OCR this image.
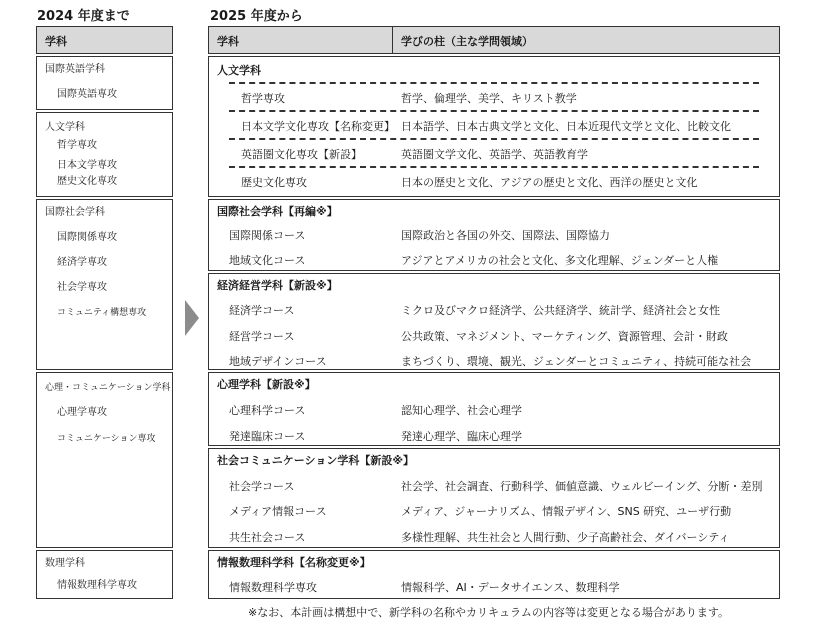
2024 年度まで	2025 年度から
学科	学科	学びの柱（主な学問領域）
国際英語学科
国際英語専攻
人文学科
哲学専攻
日本文学専攻
歴史文化専攻
国際社会学科
国際関係専攻
経済学専攻
社会学専攻
コミュニティ構想専攻
心理・コミュニケーション学科
心理学専攻
コミュニケーション専攻
数理学科
情報数理科学専攻
人文学科
哲学専攻	哲学、倫理学、美学、キリスト教学
日本文学文化専攻【名称変更】 日本語学、日本古典文学と文化、日本近現代文学と文化、比較文化
英語圏文化専攻【新設】	英語圏文学文化、英語学、英語教育学
歴史文化専攻	日本の歴史と文化、アジアの歴史と文化、西洋の歴史と文化
国際社会学科【再編※】
国際関係コース	国際政治と各国の外交、国際法、国際協力
地域文化コース	アジアとアメリカの社会と文化、多文化理解、ジェンダーと人権
経済経営学科【新設※】
経済学コース	ミクロ及びマクロ経済学、公共経済学、統計学、経済社会と女性
経営学コース	公共政策、マネジメント、マーケティング、資源管理、会計・財政
地域デザインコース	まちづくり、環境、観光、ジェンダーとコミュニティ、持続可能な社会
心理学科【新設※】
心理科学コース	認知心理学、社会心理学
発達臨床コース	発達心理学、臨床心理学
社会コミュニケーション学科【新設※】
社会学コース	社会学、社会調査、行動科学、価値意識、ウェルビーイング、分断・差別
メディア情報コース	メディア、ジャーナリズム、情報デザイン、SNS 研究、ユーザ行動
共生社会コース	多様性理解、共生社会と人間行動、少子高齢社会、ダイバーシティ
情報数理科学科【名称変更※】
情報数理科学専攻	情報科学、AI・データサイエンス、数理科学
※なお、本計画は構想中で、新学科の名称やカリキュラムの内容等は変更となる場合があります。
